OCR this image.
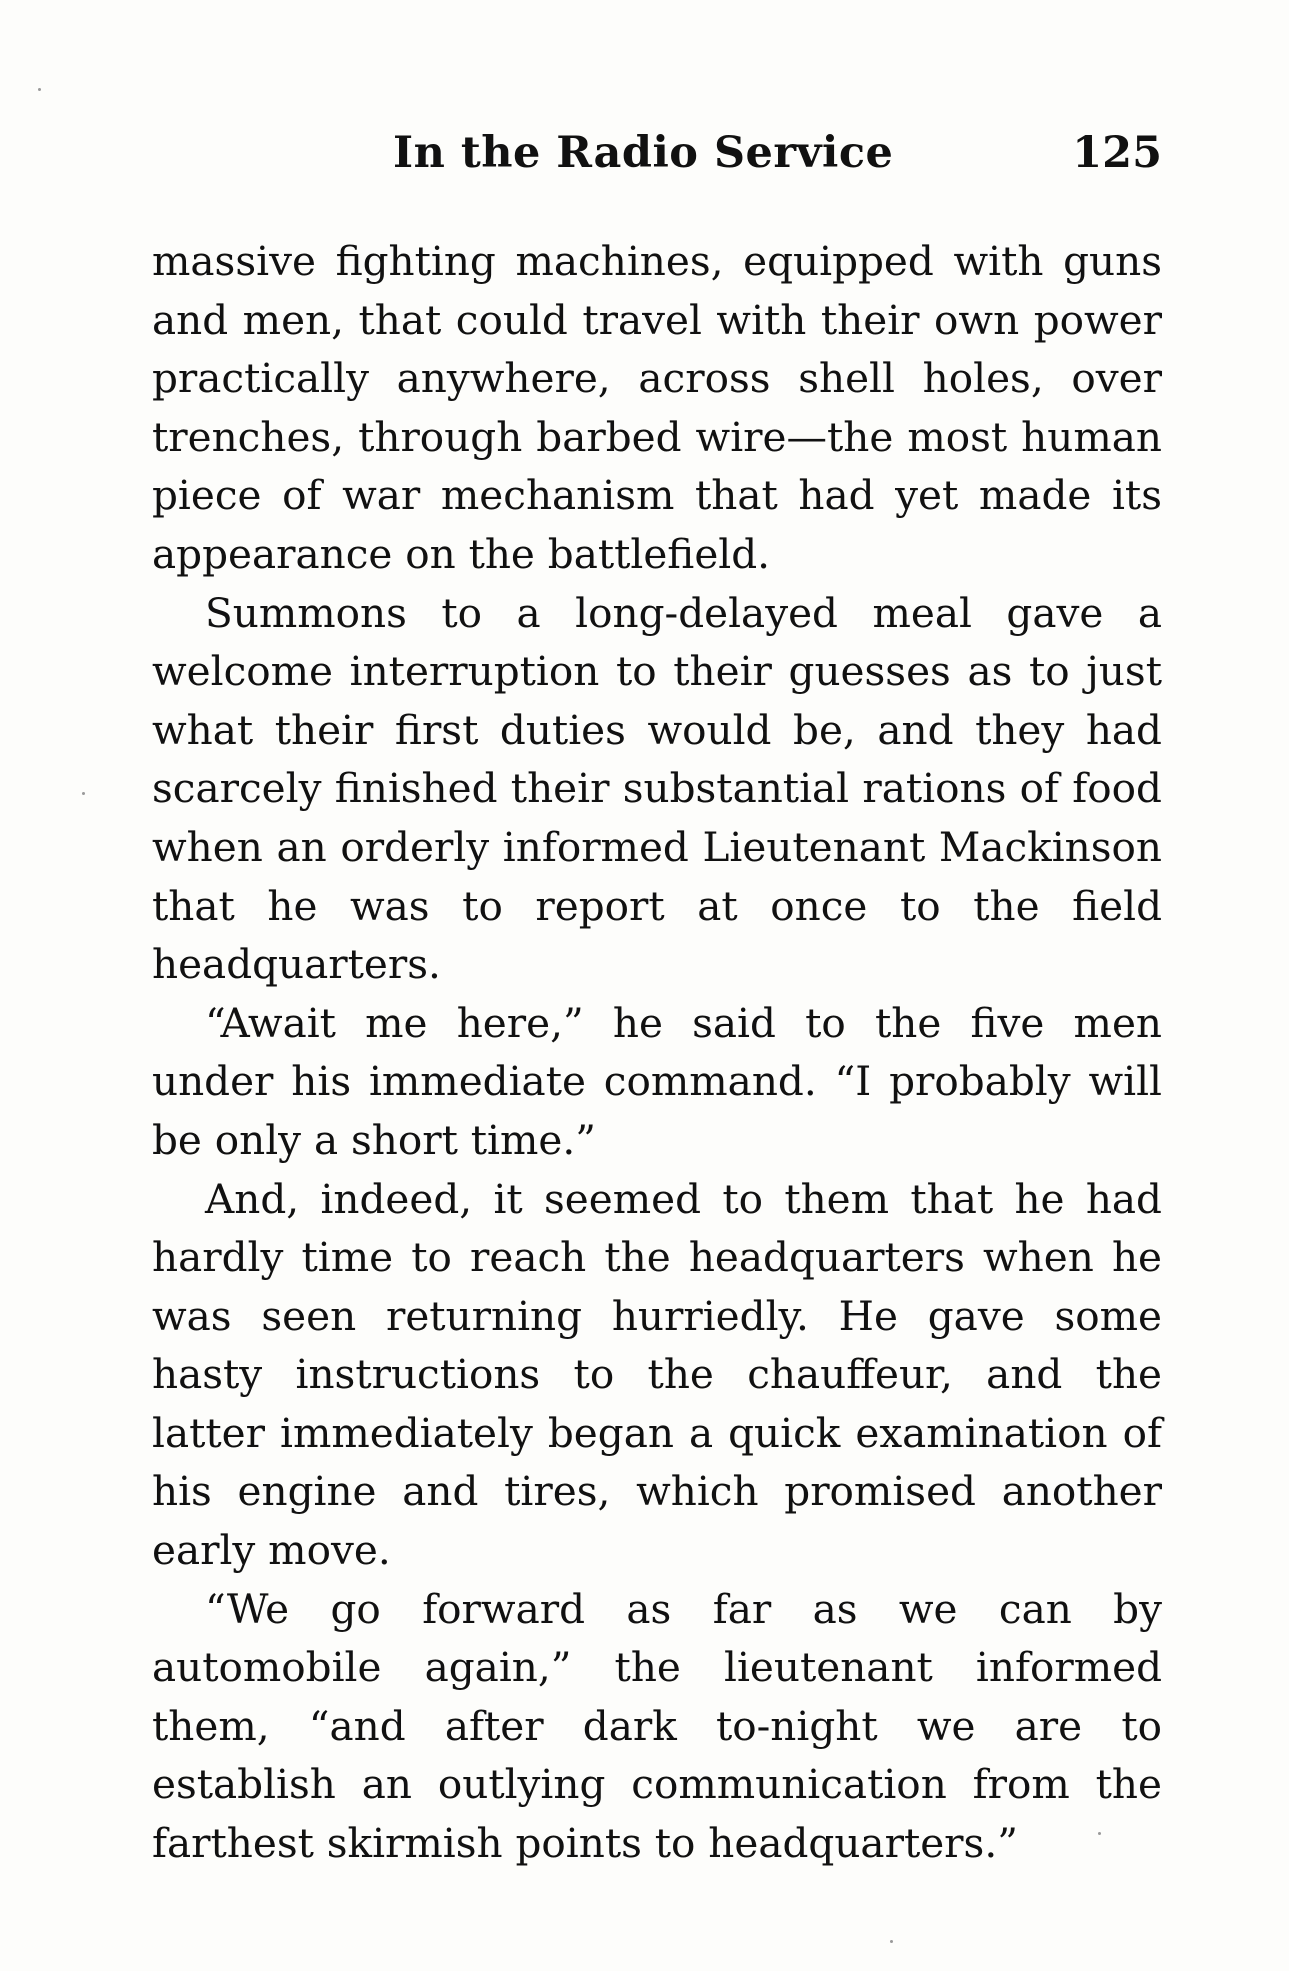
In the Radio Service	125

massive fighting machines, equipped with guns and men, that could travel with their own power practically anywhere, across shell holes, over trenches, through barbed wire—the most human piece of war mechanism that had yet made its appearance on the battlefield.

Summons to a long-delayed meal gave a welcome interruption to their guesses as to just what their first duties would be, and they had scarcely finished their substantial rations of food when an orderly informed Lieutenant Mackinson that he was to report at once to the field headquarters.

“Await me here,” he said to the five men under his immediate command. “I probably will be only a short time.”

And, indeed, it seemed to them that he had hardly time to reach the headquarters when he was seen returning hurriedly. He gave some hasty instructions to the chauffeur, and the latter immediately began a quick examination of his engine and tires, which promised another early move.

“We go forward as far as we can by automobile again,” the lieutenant informed them, “and after dark to-night we are to establish an outlying communication from the farthest skirmish points to headquarters.”
